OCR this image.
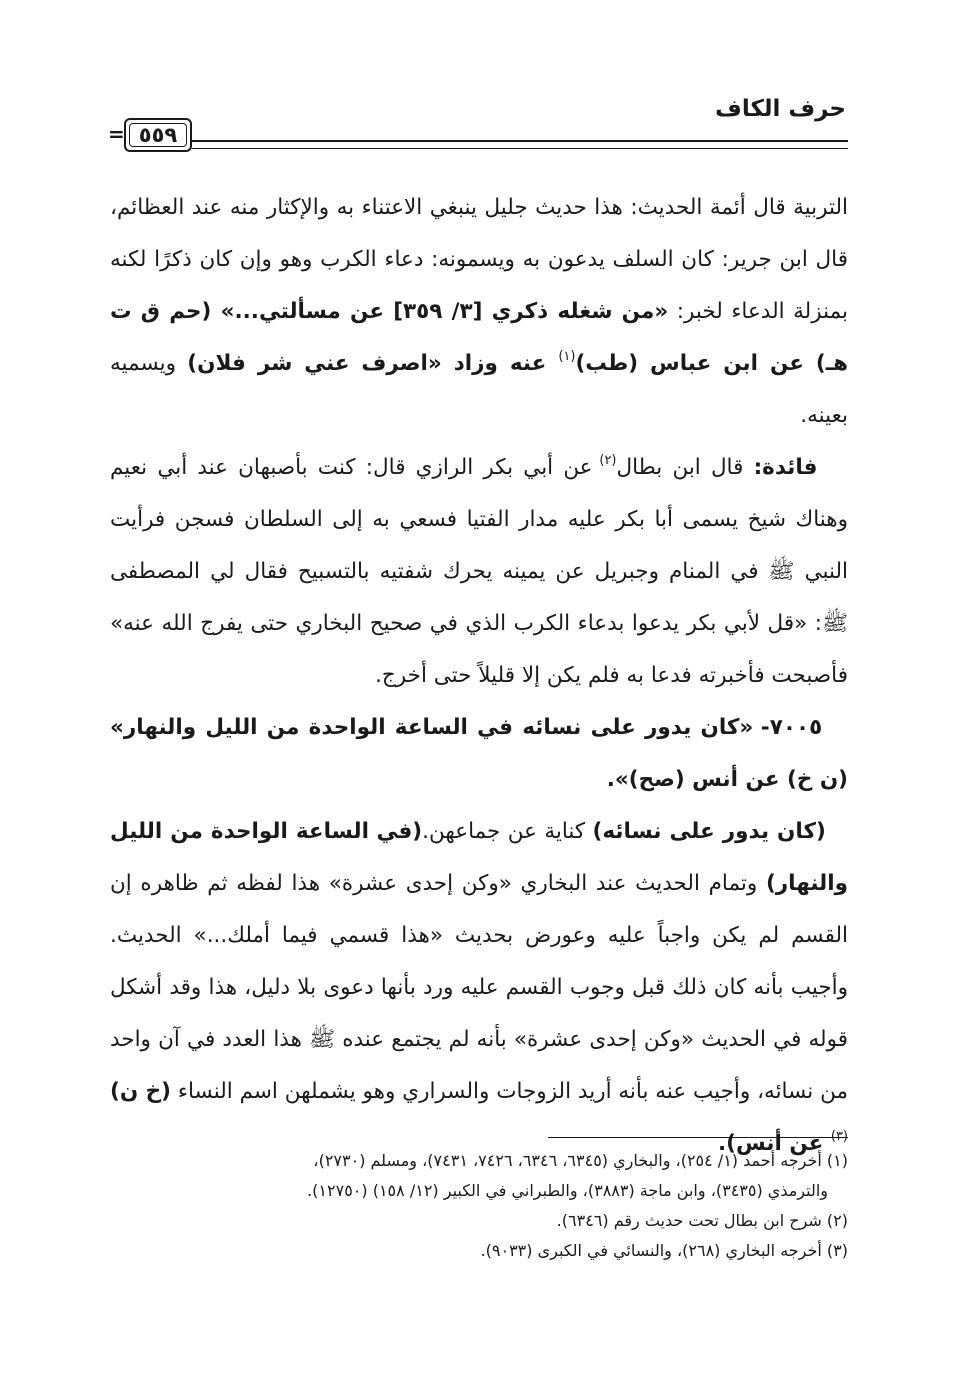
حرف الكاف
٥٥٩
=

التربية قال أئمة الحديث: هذا حديث جليل ينبغي الاعتناء به والإكثار منه عند العظائم، قال ابن جرير: كان السلف يدعون به ويسمونه: دعاء الكرب وهو وإن كان ذكرًا لكنه بمنزلة الدعاء لخبر: «من شغله ذكري [٣/ ٣٥٩] عن مسألتي...» (حم ق ت هـ) عن ابن عباس (طب)$^{(١)}$ عنه وزاد «اصرف عني شر فلان) ويسميه بعينه.

فائدة: قال ابن بطال$^{(٢)}$ عن أبي بكر الرازي قال: كنت بأصبهان عند أبي نعيم وهناك شيخ يسمى أبا بكر عليه مدار الفتيا فسعي به إلى السلطان فسجن فرأيت النبي ﷺ في المنام وجبريل عن يمينه يحرك شفتيه بالتسبيح فقال لي المصطفى ﷺ: «قل لأبي بكر يدعوا بدعاء الكرب الذي في صحيح البخاري حتى يفرج الله عنه» فأصبحت فأخبرته فدعا به فلم يكن إلا قليلاً حتى أخرج.

٧٠٠٥- «كان يدور على نسائه في الساعة الواحدة من الليل والنهار» (ن خ) عن أنس (صح)».

(كان يدور على نسائه) كناية عن جماعهن.(في الساعة الواحدة من الليل والنهار) وتمام الحديث عند البخاري «وكن إحدى عشرة» هذا لفظه ثم ظاهره إن القسم لم يكن واجباً عليه وعورض بحديث «هذا قسمي فيما أملك...» الحديث. وأجيب بأنه كان ذلك قبل وجوب القسم عليه ورد بأنها دعوى بلا دليل، هذا وقد أشكل قوله في الحديث «وكن إحدى عشرة» بأنه لم يجتمع عنده ﷺ هذا العدد في آن واحد من نسائه، وأجيب عنه بأنه أريد الزوجات والسراري وهو يشملهن اسم النساء (خ ن)$^{(٣)}$ عن أنس).

(١) أخرجه أحمد (١/ ٢٥٤)، والبخاري (٦٣٤٥، ٦٣٤٦، ٧٤٢٦، ٧٤٣١)، ومسلم (٢٧٣٠)،

والترمذي (٣٤٣٥)، وابن ماجة (٣٨٨٣)، والطبراني في الكبير (١٢/ ١٥٨) (١٢٧٥٠).

(٢) شرح ابن بطال تحت حديث رقم (٦٣٤٦).

(٣) أخرجه البخاري (٢٦٨)، والنسائي في الكبرى (٩٠٣٣).
